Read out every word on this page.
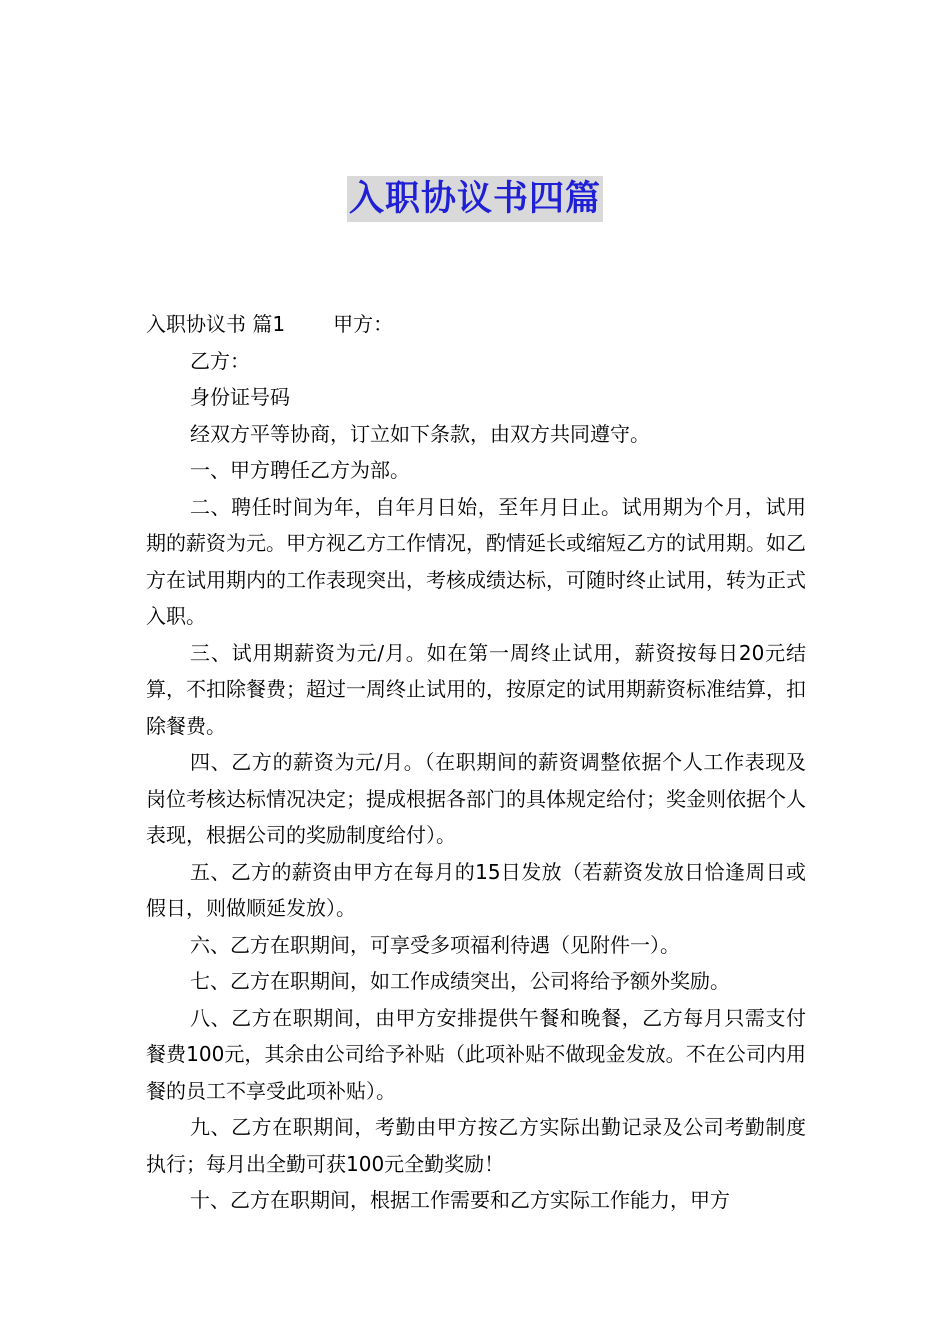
入职协议书四篇

入职协议书 篇1 甲方：

乙方：

身份证号码

经双方平等协商，订立如下条款，由双方共同遵守。

一、甲方聘任乙方为部。

二、聘任时间为年，自年月日始，至年月日止。试用期为个月，试用期的薪资为元。甲方视乙方工作情况，酌情延长或缩短乙方的试用期。如乙方在试用期内的工作表现突出，考核成绩达标，可随时终止试用，转为正式入职。

三、试用期薪资为元/月。如在第一周终止试用，薪资按每日20元结算，不扣除餐费；超过一周终止试用的，按原定的试用期薪资标准结算，扣除餐费。

四、乙方的薪资为元/月。（在职期间的薪资调整依据个人工作表现及岗位考核达标情况决定；提成根据各部门的具体规定给付；奖金则依据个人表现，根据公司的奖励制度给付）。

五、乙方的薪资由甲方在每月的15日发放（若薪资发放日恰逢周日或假日，则做顺延发放）。

六、乙方在职期间，可享受多项福利待遇（见附件一）。

七、乙方在职期间，如工作成绩突出，公司将给予额外奖励。

八、乙方在职期间，由甲方安排提供午餐和晚餐，乙方每月只需支付餐费100元，其余由公司给予补贴（此项补贴不做现金发放。不在公司内用餐的员工不享受此项补贴）。

九、乙方在职期间，考勤由甲方按乙方实际出勤记录及公司考勤制度执行；每月出全勤可获100元全勤奖励！

十、乙方在职期间，根据工作需要和乙方实际工作能力，甲方
